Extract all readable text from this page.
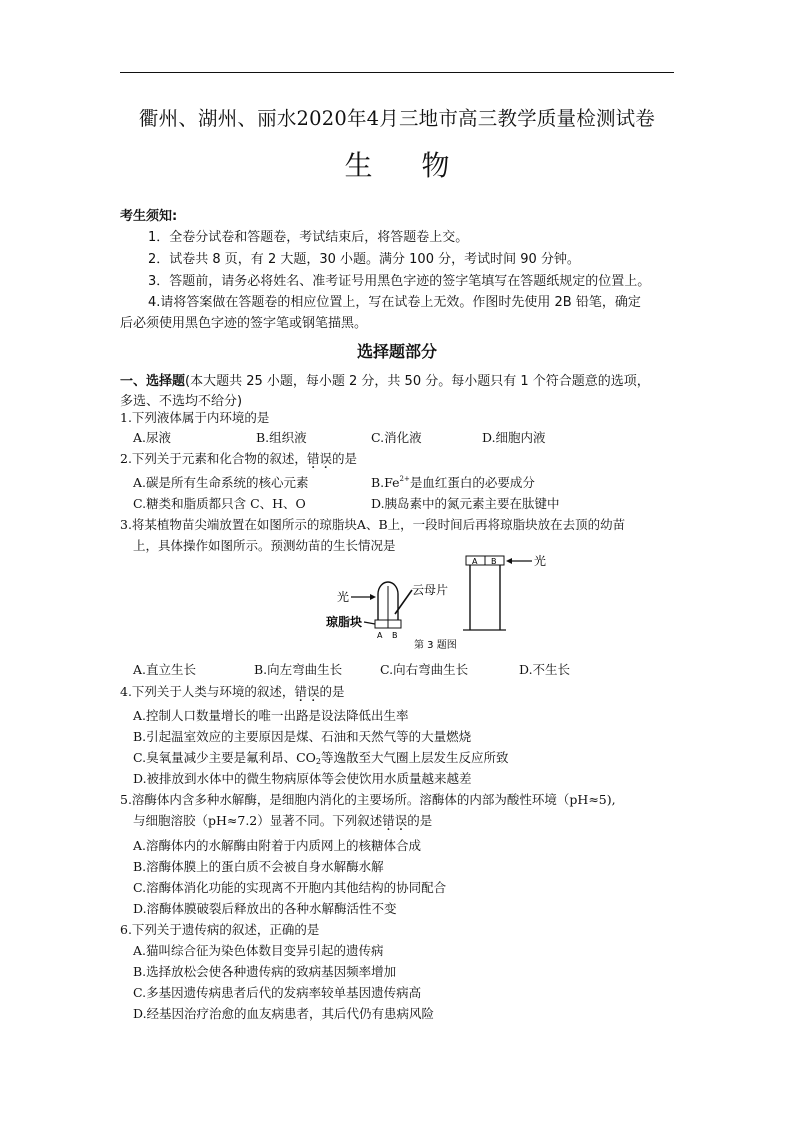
衢州、湖州、丽水2020年4月三地市高三教学质量检测试卷
生 物
考生须知:
1．全卷分试卷和答题卷，考试结束后，将答题卷上交。
2．试卷共 8 页，有 2 大题，30 小题。满分 100 分，考试时间 90 分钟。
3．答题前，请务必将姓名、准考证号用黑色字迹的签字笔填写在答题纸规定的位置上。
4.请将答案做在答题卷的相应位置上，写在试卷上无效。作图时先使用 2B 铅笔，确定
后必须使用黑色字迹的签字笔或钢笔描黑。
选择题部分
一、选择题(本大题共 25 小题，每小题 2 分，共 50 分。每小题只有 1 个符合题意的选项，
多选、不选均不给分)
1.下列液体属于内环境的是
A.尿液	B.组织液	C.消化液	D.细胞内液
2.下列关于元素和化合物的叙述，错误的是
A.碳是所有生命系统的核心元素	$B.Fe^{2+}$是血红蛋白的必要成分
C.糖类和脂质都只含 C、H、O	D.胰岛素中的氮元素主要在肽键中
3.将某植物苗尖端放置在如图所示的琼脂块A、B上，一段时间后再将琼脂块放在去顶的幼苗
上，具体操作如图所示。预测幼苗的生长情况是
光
A B
云母片
琼脂块
第 3 题图
A B	光
A.直立生长	B.向左弯曲生长	C.向右弯曲生长	D.不生长
4.下列关于人类与环境的叙述，错误的是
A.控制人口数量增长的唯一出路是设法降低出生率
B.引起温室效应的主要原因是煤、石油和天然气等的大量燃烧
C.臭氧量减少主要是氟利昂、$CO_2$等逸散至大气圈上层发生反应所致
D.被排放到水体中的微生物病原体等会使饮用水质量越来越差
5.溶酶体内含多种水解酶，是细胞内消化的主要场所。溶酶体的内部为酸性环境（pH≈5),
与细胞溶胶（pH≈7.2）显著不同。下列叙述错误的是
A.溶酶体内的水解酶由附着于内质网上的核糖体合成
B.溶酶体膜上的蛋白质不会被自身水解酶水解
C.溶酶体消化功能的实现离不开胞内其他结构的协同配合
D.溶酶体膜破裂后释放出的各种水解酶活性不变
6.下列关于遗传病的叙述，正确的是
A.猫叫综合征为染色体数目变异引起的遗传病
B.选择放松会使各种遗传病的致病基因频率增加
C.多基因遗传病患者后代的发病率较单基因遗传病高
D.经基因治疗治愈的血友病患者，其后代仍有患病风险
